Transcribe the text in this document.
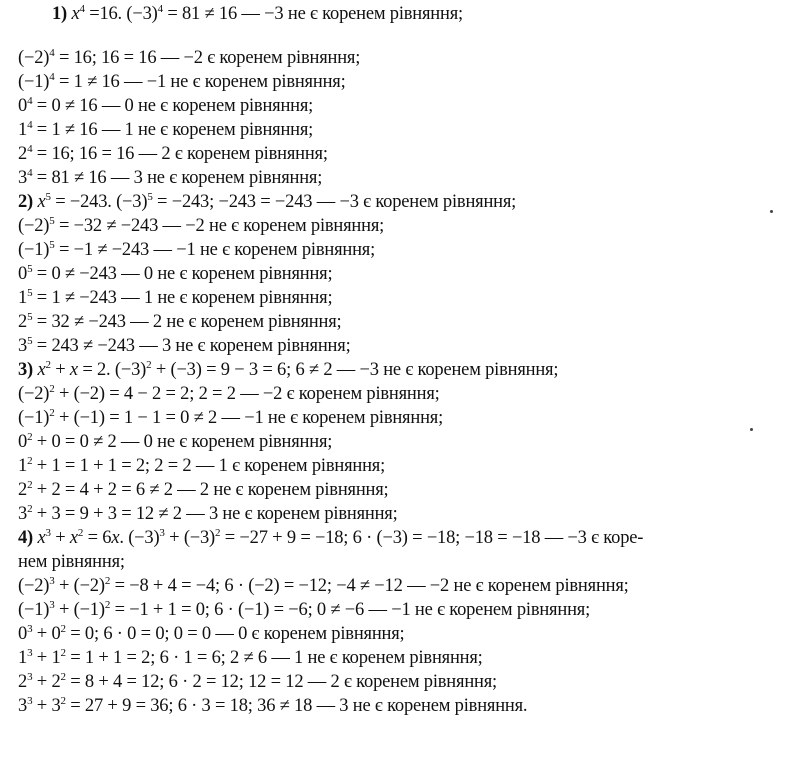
1) $x^4 =16$. $(-3)^4 = 81 \ne 16$ — −3 не є коренем рівняння;
$(-2)^4 = 16$; 16 = 16 — −2 є коренем рівняння;
$(-1)^4 = 1 \ne 16$ — −1 не є коренем рівняння;
$0^4 = 0 \ne 16$ — 0 не є коренем рівняння;
$1^4 = 1 \ne 16$ — 1 не є коренем рівняння;
$2^4 = 16$; 16 = 16 — 2 є коренем рівняння;
$3^4 = 81 \ne 16$ — 3 не є коренем рівняння;
2) $x^5 = -243$. $(-3)^5 = -243$; −243 = −243 — −3 є коренем рівняння;
$(-2)^5 = -32 \ne -243$ — −2 не є коренем рівняння;
$(-1)^5 = -1 \ne -243$ — −1 не є коренем рівняння;
$0^5 = 0 \ne -243$ — 0 не є коренем рівняння;
$1^5 = 1 \ne -243$ — 1 не є коренем рівняння;
$2^5 = 32 \ne -243$ — 2 не є коренем рівняння;
$3^5 = 243 \ne -243$ — 3 не є коренем рівняння;
3) $x^2 + x = 2$. $(-3)^2 + (-3) = 9 - 3 = 6$; 6 ≠ 2 — −3 не є коренем рівняння;
$(-2)^2 + (-2) = 4 - 2 = 2$; 2 = 2 — −2 є коренем рівняння;
$(-1)^2 + (-1) = 1 - 1 = 0 \ne 2$ — −1 не є коренем рівняння;
$0^2 + 0 = 0 \ne 2$ — 0 не є коренем рівняння;
$1^2 + 1 = 1 + 1 = 2$; 2 = 2 — 1 є коренем рівняння;
$2^2 + 2 = 4 + 2 = 6 \ne 2$ — 2 не є коренем рівняння;
$3^2 + 3 = 9 + 3 = 12 \ne 2$ — 3 не є коренем рівняння;
4) $x^3 + x^2 = 6x$. $(-3)^3 + (-3)^2 = -27 + 9 = -18$; 6 · (−3) = −18; −18 = −18 — −3 є коре-
нем рівняння;
$(-2)^3 + (-2)^2 = -8 + 4 = -4$; 6 · (−2) = −12; −4 ≠ −12 — −2 не є коренем рівняння;
$(-1)^3 + (-1)^2 = -1 + 1 = 0$; 6 · (−1) = −6; 0 ≠ −6 — −1 не є коренем рівняння;
$0^3 + 0^2 = 0$; 6 · 0 = 0; 0 = 0 — 0 є коренем рівняння;
$1^3 + 1^2 = 1 + 1 = 2$; 6 · 1 = 6; 2 ≠ 6 — 1 не є коренем рівняння;
$2^3 + 2^2 = 8 + 4 = 12$; 6 · 2 = 12; 12 = 12 — 2 є коренем рівняння;
$3^3 + 3^2 = 27 + 9 = 36$; 6 · 3 = 18; 36 ≠ 18 — 3 не є коренем рівняння.
